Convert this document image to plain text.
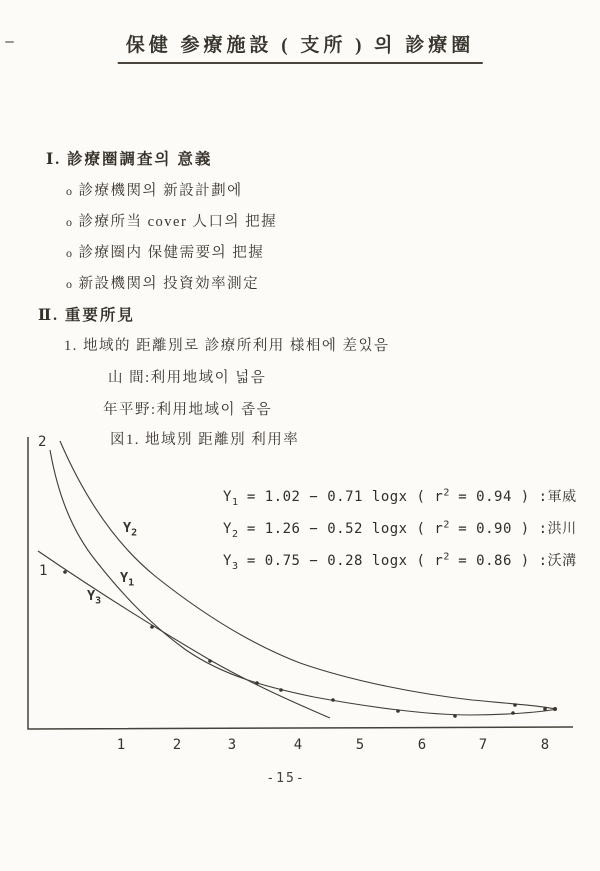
保健 参療施設 ( 支所 ) 의 診療圈
Ⅰ. 診療圈調査의 意義
o 診療機関의 新設計劃에
o 診療所当 cover 人口의 把握
o 診療圈内 保健需要의 把握
o 新設機関의 投資効率測定
Ⅱ. 重要所見
1. 地域的 距離別로 診療所利用 様相에 差있음
山 間:利用地域이 넓음
年平野:利用地域이 좁음
図1. 地域別 距離別 利用率
$Y_1 = 1.02 - 0.71$ logx ( $r^2 = 0.94$ ) :軍威
$Y_2 = 1.26 - 0.52$ logx ( $r^2 = 0.90$ ) :洪川
$Y_3 = 0.75 - 0.28$ logx ( $r^2 = 0.86$ ) :沃溝
2
1
$Y_2$
$Y_1$
$Y_3$
1	2	3	4	5	6	7	8
-15-
